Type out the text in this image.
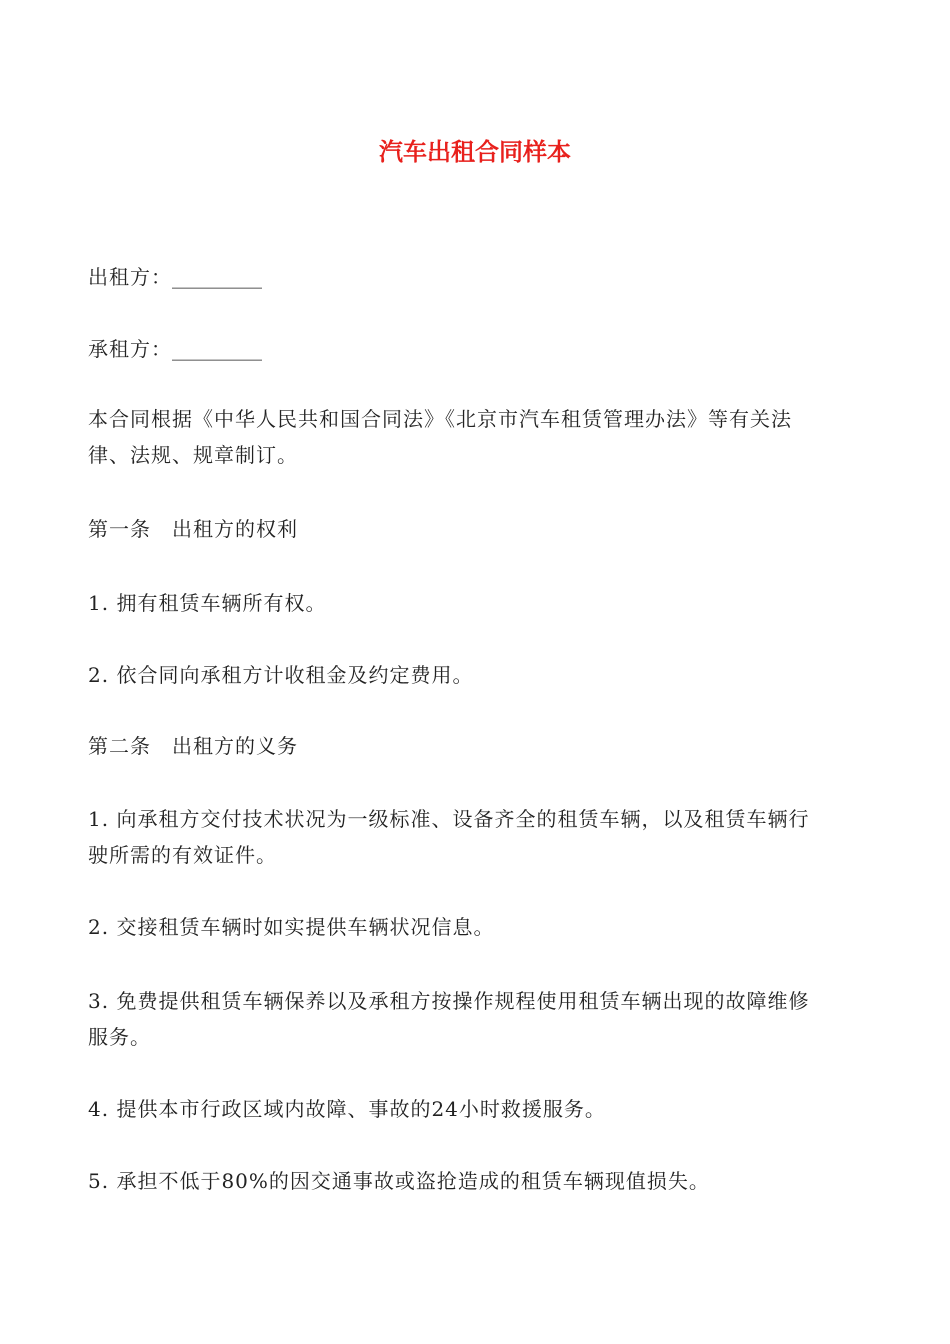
汽车出租合同样本
出租方：_________
承租方：_________
本合同根据《中华人民共和国合同法》《北京市汽车租赁管理办法》等有关法
律、法规、规章制订。
第一条　出租方的权利
1. 拥有租赁车辆所有权。
2. 依合同向承租方计收租金及约定费用。
第二条　出租方的义务
1. 向承租方交付技术状况为一级标准、设备齐全的租赁车辆，以及租赁车辆行
驶所需的有效证件。
2. 交接租赁车辆时如实提供车辆状况信息。
3. 免费提供租赁车辆保养以及承租方按操作规程使用租赁车辆出现的故障维修
服务。
4. 提供本市行政区域内故障、事故的24小时救援服务。
5. 承担不低于80%的因交通事故或盗抢造成的租赁车辆现值损失。
